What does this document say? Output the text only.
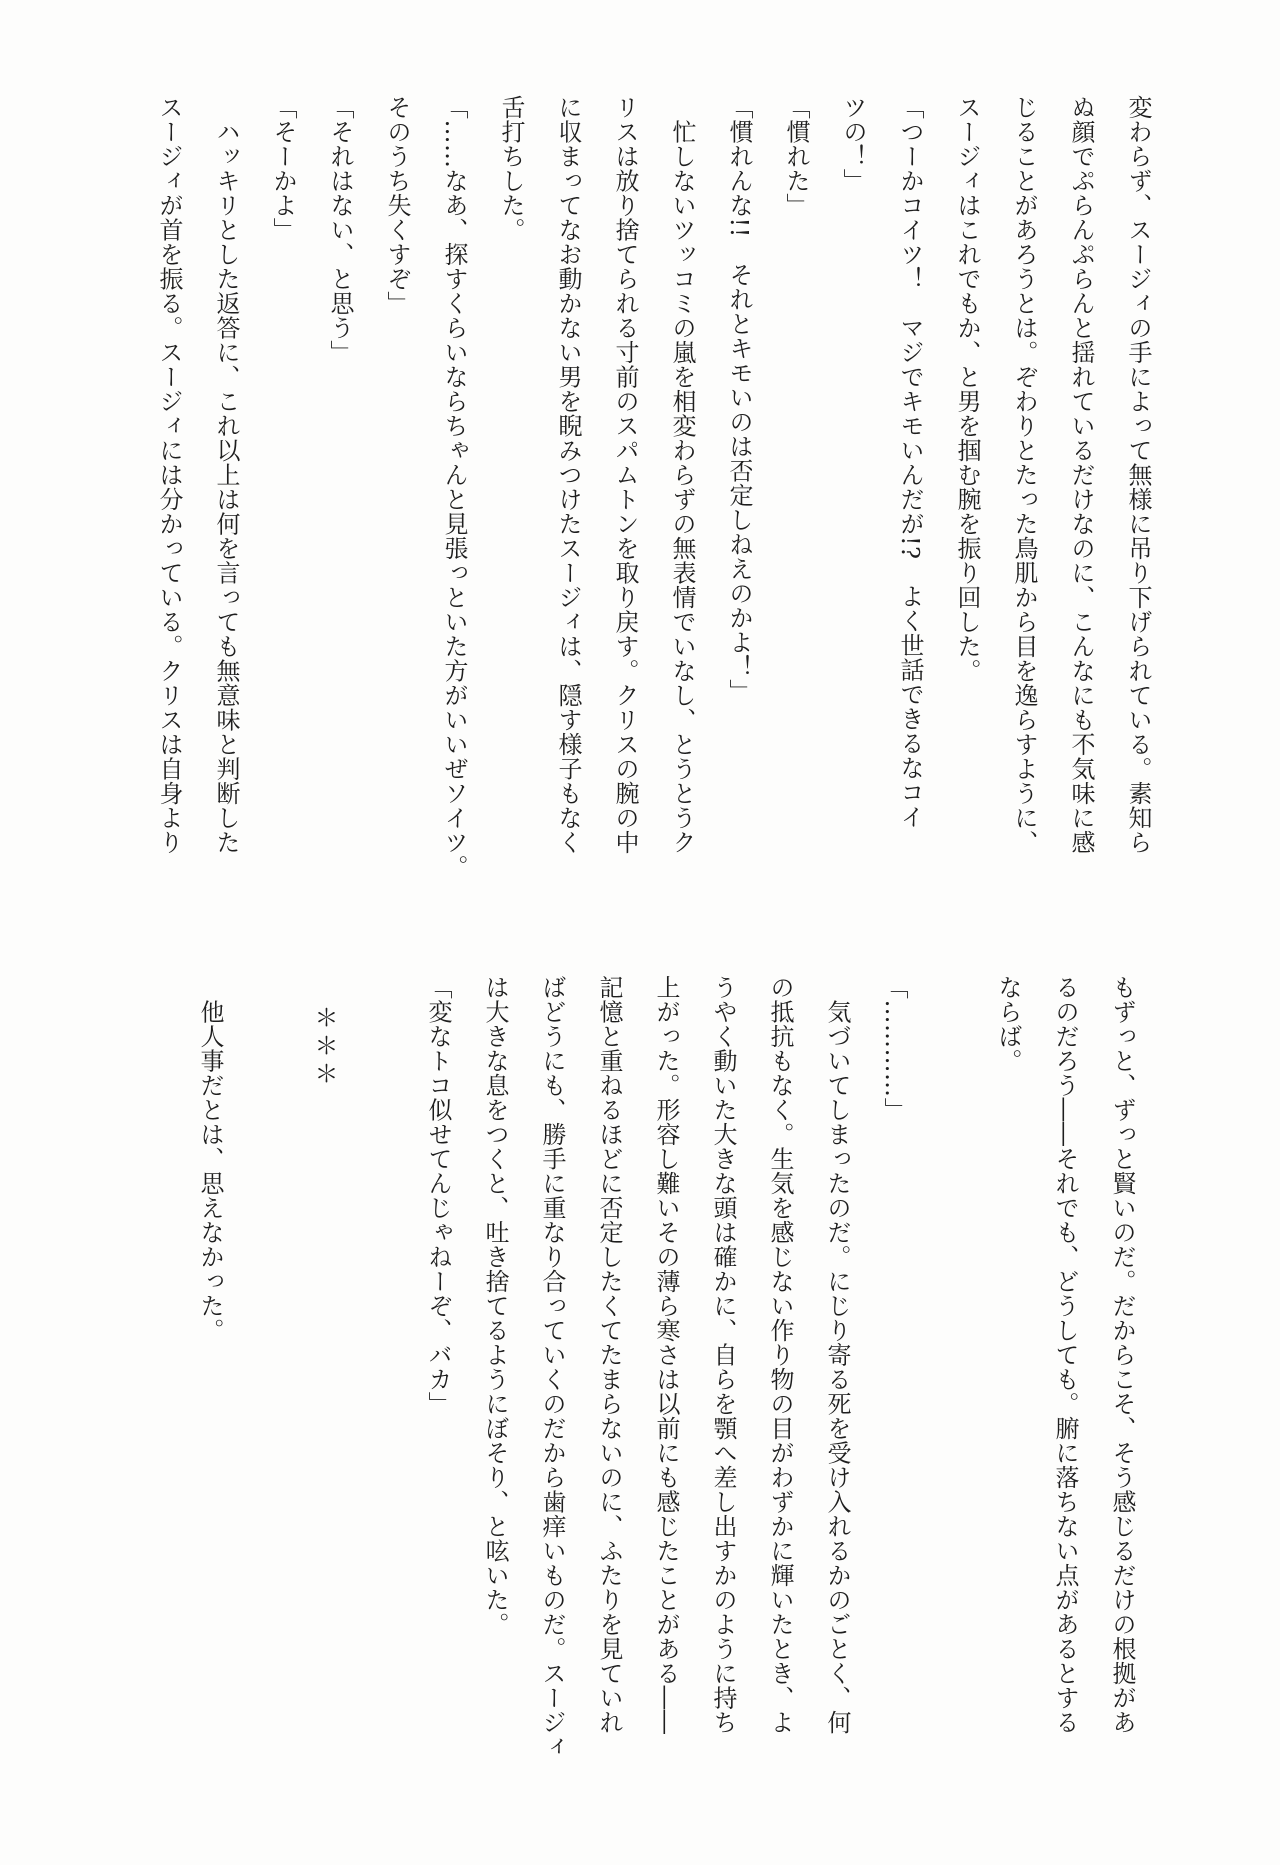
変わらず、スージィの手によって無様に吊り下げられている。素知ら
ぬ顔でぷらんぷらんと揺れているだけなのに、こんなにも不気味に感
じることがあろうとは。ぞわりとたった鳥肌から目を逸らすように、
スージィはこれでもか、と男を掴む腕を振り回した。
「つーかコイツ！　マジでキモいんだが!?　よく世話できるなコイ
ツの！」
「慣れた」
「慣れんな!!　それとキモいのは否定しねえのかよ！」
　忙しないツッコミの嵐を相変わらずの無表情でいなし、とうとうク
リスは放り捨てられる寸前のスパムトンを取り戻す。クリスの腕の中
に収まってなお動かない男を睨みつけたスージィは、隠す様子もなく
舌打ちした。
「……なあ、探すくらいならちゃんと見張っといた方がいいぜソイツ。
そのうち失くすぞ」
「それはない、と思う」
「そーかよ」
　ハッキリとした返答に、これ以上は何を言っても無意味と判断した
スージィが首を振る。スージィには分かっている。クリスは自身より
もずっと、ずっと賢いのだ。だからこそ、そう感じるだけの根拠があ
るのだろう――それでも、どうしても。腑に落ちない点があるとする
ならば。
「…………」
　気づいてしまったのだ。にじり寄る死を受け入れるかのごとく、何
の抵抗もなく。生気を感じない作り物の目がわずかに輝いたとき、よ
うやく動いた大きな頭は確かに、自らを顎へ差し出すかのように持ち
上がった。形容し難いその薄ら寒さは以前にも感じたことがある――
記憶と重ねるほどに否定したくてたまらないのに、ふたりを見ていれ
ばどうにも、勝手に重なり合っていくのだから歯痒いものだ。スージィ
は大きな息をつくと、吐き捨てるようにぼそり、と呟いた。
「変なトコ似せてんじゃねーぞ、バカ」
＊＊＊
　他人事だとは、思えなかった。
